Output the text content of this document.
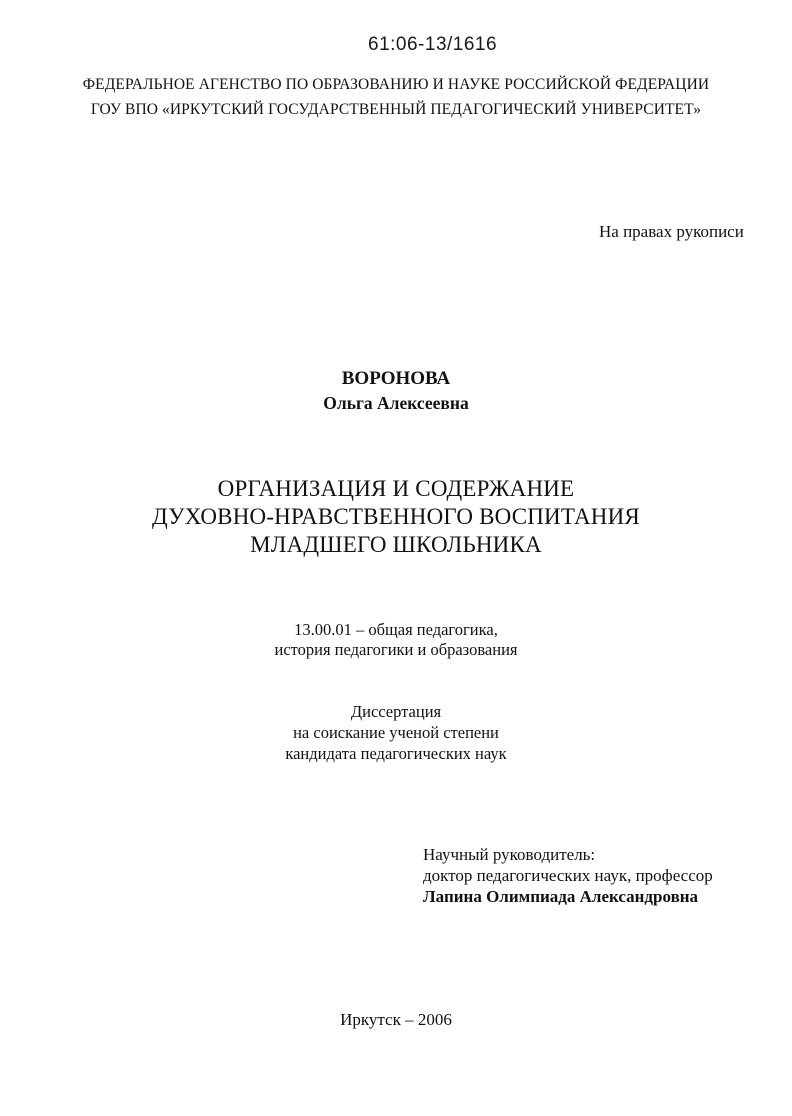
61:06-13/1616
ФЕДЕРАЛЬНОЕ АГЕНСТВО ПО ОБРАЗОВАНИЮ И НАУКЕ РОССИЙСКОЙ ФЕДЕРАЦИИ
ГОУ ВПО «ИРКУТСКИЙ ГОСУДАРСТВЕННЫЙ ПЕДАГОГИЧЕСКИЙ УНИВЕРСИТЕТ»
На правах рукописи
ВОРОНОВА
Ольга Алексеевна
ОРГАНИЗАЦИЯ И СОДЕРЖАНИЕ
ДУХОВНО-НРАВСТВЕННОГО ВОСПИТАНИЯ
МЛАДШЕГО ШКОЛЬНИКА
13.00.01 – общая педагогика,
история педагогики и образования
Диссертация
на соискание ученой степени
кандидата педагогических наук
Научный руководитель:
доктор педагогических наук, профессор
Лапина Олимпиада Александровна
Иркутск – 2006
